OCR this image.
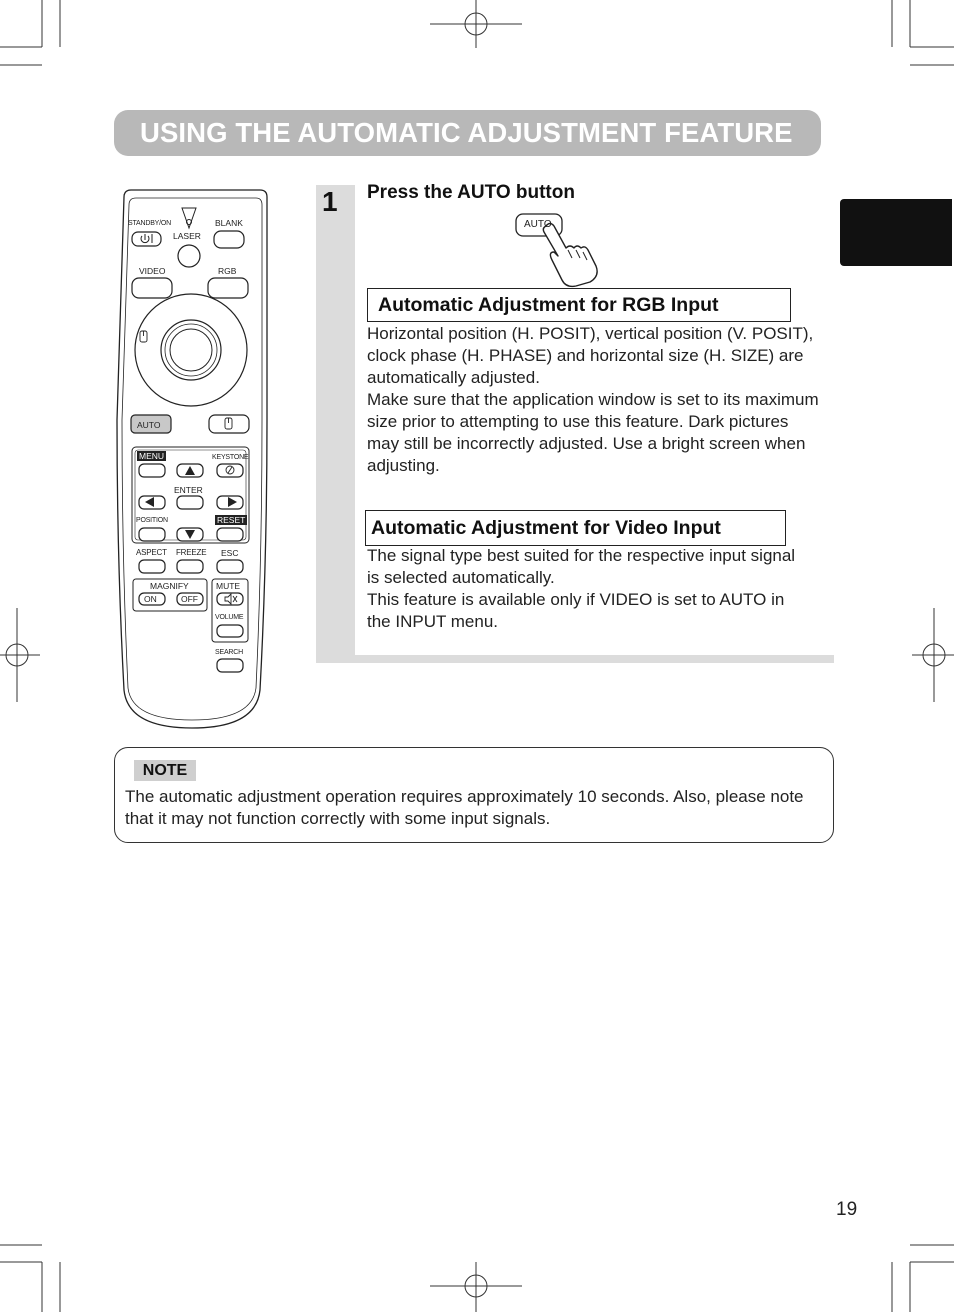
USING THE AUTOMATIC ADJUSTMENT FEATURE
STANDBY/ON
LASER
BLANK
VIDEO	RGB
AUTO
MENU	KEYSTONE
ENTER
POSITION	RESET
ASPECT FREEZE ESC
MAGNIFY
ON	OFF
MUTE
VOLUME
SEARCH
1 Press the AUTO button
AUTO
Automatic Adjustment for RGB Input

Horizontal position (H. POSIT), vertical position (V. POSIT), clock phase (H. PHASE) and horizontal size (H. SIZE) are automatically adjusted.

Make sure that the application window is set to its maximum size prior to attempting to use this feature. Dark pictures may still be incorrectly adjusted. Use a bright screen when adjusting.

Automatic Adjustment for Video Input

The signal type best suited for the respective input signal is selected automatically.

This feature is available only if VIDEO is set to AUTO in the INPUT menu.

NOTE
The automatic adjustment operation requires approximately 10 seconds. Also, please note that it may not function correctly with some input signals.
19
